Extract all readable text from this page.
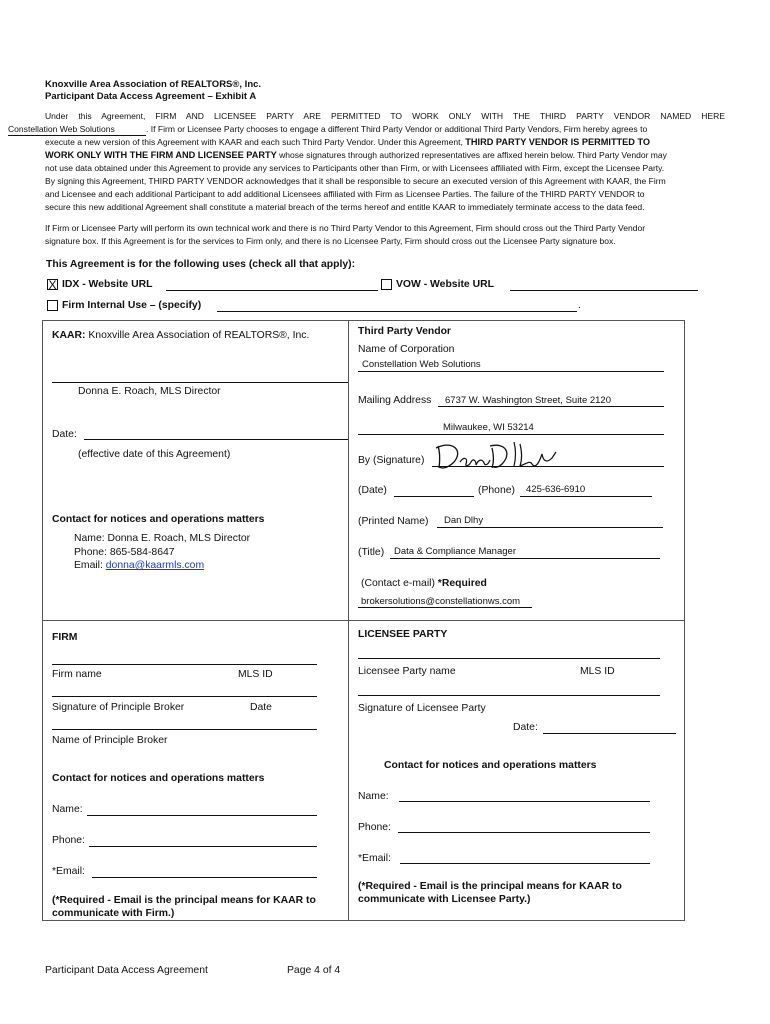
Knoxville Area Association of REALTORS®, Inc.
Participant Data Access Agreement – Exhibit A
Under this Agreement, FIRM AND LICENSEE PARTY ARE PERMITTED TO WORK ONLY WITH THE THIRD PARTY VENDOR NAMED HERE
Constellation Web Solutions	. If Firm or Licensee Party chooses to engage a different Third Party Vendor or additional Third Party Vendors, Firm hereby agrees to
execute a new version of this Agreement with KAAR and each such Third Party Vendor. Under this Agreement, THIRD PARTY VENDOR IS PERMITTED TO
WORK ONLY WITH THE FIRM AND LICENSEE PARTY whose signatures through authorized representatives are affixed herein below. Third Party Vendor may
not use data obtained under this Agreement to provide any services to Participants other than Firm, or with Licensees affiliated with Firm, except the Licensee Party.
By signing this Agreement, THIRD PARTY VENDOR acknowledges that it shall be responsible to secure an executed version of this Agreement with KAAR, the Firm
and Licensee and each additional Participant to add additional Licensees affiliated with Firm as Licensee Parties. The failure of the THIRD PARTY VENDOR to
secure this new additional Agreement shall constitute a material breach of the terms hereof and entitle KAAR to immediately terminate access to the data feed.
If Firm or Licensee Party will perform its own technical work and there is no Third Party Vendor to this Agreement, Firm should cross out the Third Party Vendor
signature box. If this Agreement is for the services to Firm only, and there is no Licensee Party, Firm should cross out the Licensee Party signature box.
This Agreement is for the following uses (check all that apply):
X IDX - Website URL	VOW - Website URL
Firm Internal Use – (specify)	.
KAAR: Knoxville Area Association of REALTORS®, Inc.
Donna E. Roach, MLS Director
Date:
(effective date of this Agreement)
Contact for notices and operations matters
Name: Donna E. Roach, MLS Director
Phone: 865-584-8647
Email: donna@kaarmls.com
Third Party Vendor
Name of Corporation
Constellation Web Solutions
Mailing Address 6737 W. Washington Street, Suite 2120
Milwaukee, WI 53214
By (Signature)
(Date)	(Phone) 425-636-6910
(Printed Name) Dan Dlhy
(Title) Data & Compliance Manager
(Contact e-mail) *Required
brokersolutions@constellationws.com
FIRM
Firm name	MLS ID
Signature of Principle Broker	Date
Name of Principle Broker
Contact for notices and operations matters
Name:
Phone:
*Email:
(*Required - Email is the principal means for KAAR to
communicate with Firm.)
LICENSEE PARTY
Licensee Party name	MLS ID
Signature of Licensee Party
Date:
Contact for notices and operations matters
Name:
Phone:
*Email:
(*Required - Email is the principal means for KAAR to
communicate with Licensee Party.)
Participant Data Access Agreement	Page 4 of 4
